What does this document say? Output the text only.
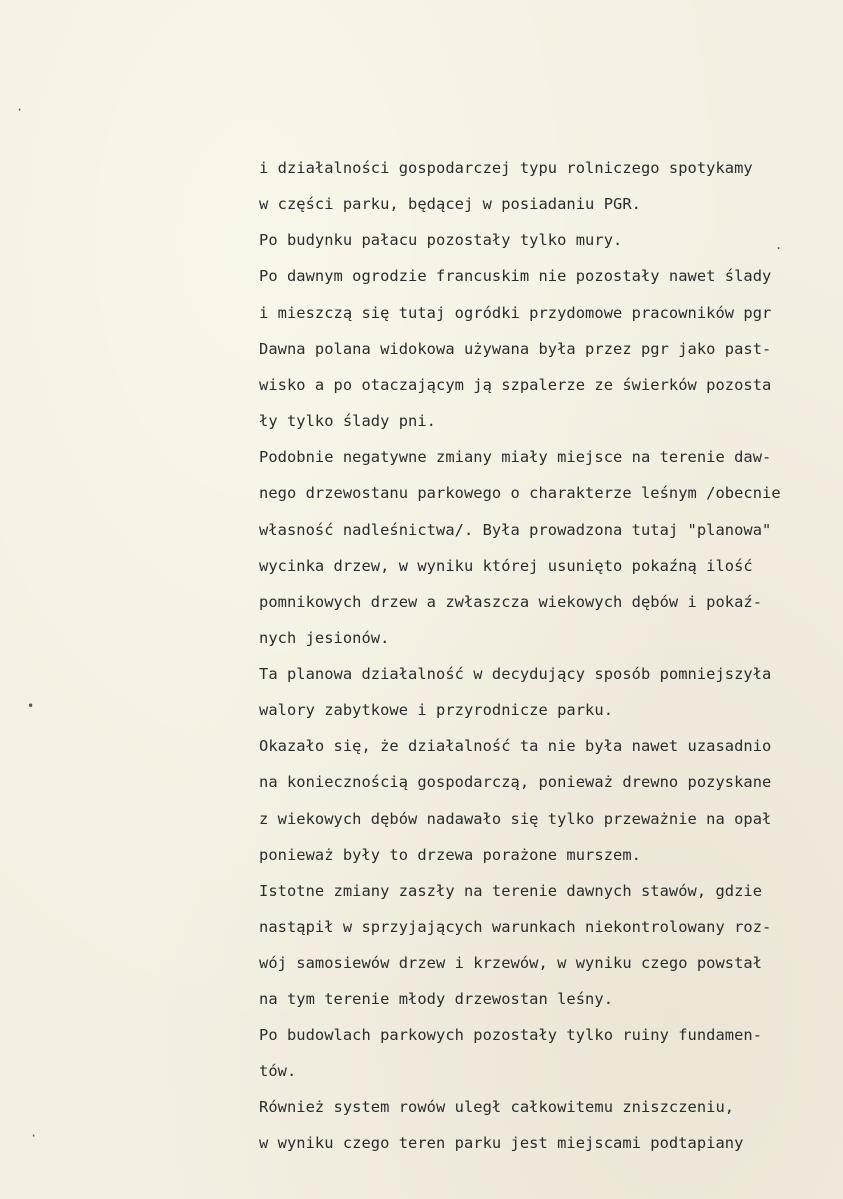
·
•
·
.
i działalności gospodarczej typu rolniczego spotykamy
w części parku, będącej w posiadaniu PGR.
Po budynku pałacu pozostały tylko mury.
Po dawnym ogrodzie francuskim nie pozostały nawet ślady
i mieszczą się tutaj ogródki przydomowe pracowników pgr
Dawna polana widokowa używana była przez pgr jako past-
wisko a po otaczającym ją szpalerze ze świerków pozosta
ły tylko ślady pni.
Podobnie negatywne zmiany miały miejsce na terenie daw-
nego drzewostanu parkowego o charakterze leśnym /obecnie
własność nadleśnictwa/. Była prowadzona tutaj "planowa"
wycinka drzew, w wyniku której usunięto pokaźną ilość
pomnikowych drzew a zwłaszcza wiekowych dębów i pokaź-
nych jesionów.
Ta planowa działalność w decydujący sposób pomniejszyła
walory zabytkowe i przyrodnicze parku.
Okazało się, że działalność ta nie była nawet uzasadnio
na koniecznością gospodarczą, ponieważ drewno pozyskane
z wiekowych dębów nadawało się tylko przeważnie na opał
ponieważ były to drzewa porażone murszem.
Istotne zmiany zaszły na terenie dawnych stawów, gdzie
nastąpił w sprzyjających warunkach niekontrolowany roz-
wój samosiewów drzew i krzewów, w wyniku czego powstał
na tym terenie młody drzewostan leśny.
Po budowlach parkowych pozostały tylko ruiny fundamen-
tów.
Również system rowów uległ całkowitemu zniszczeniu,
w wyniku czego teren parku jest miejscami podtapiany
